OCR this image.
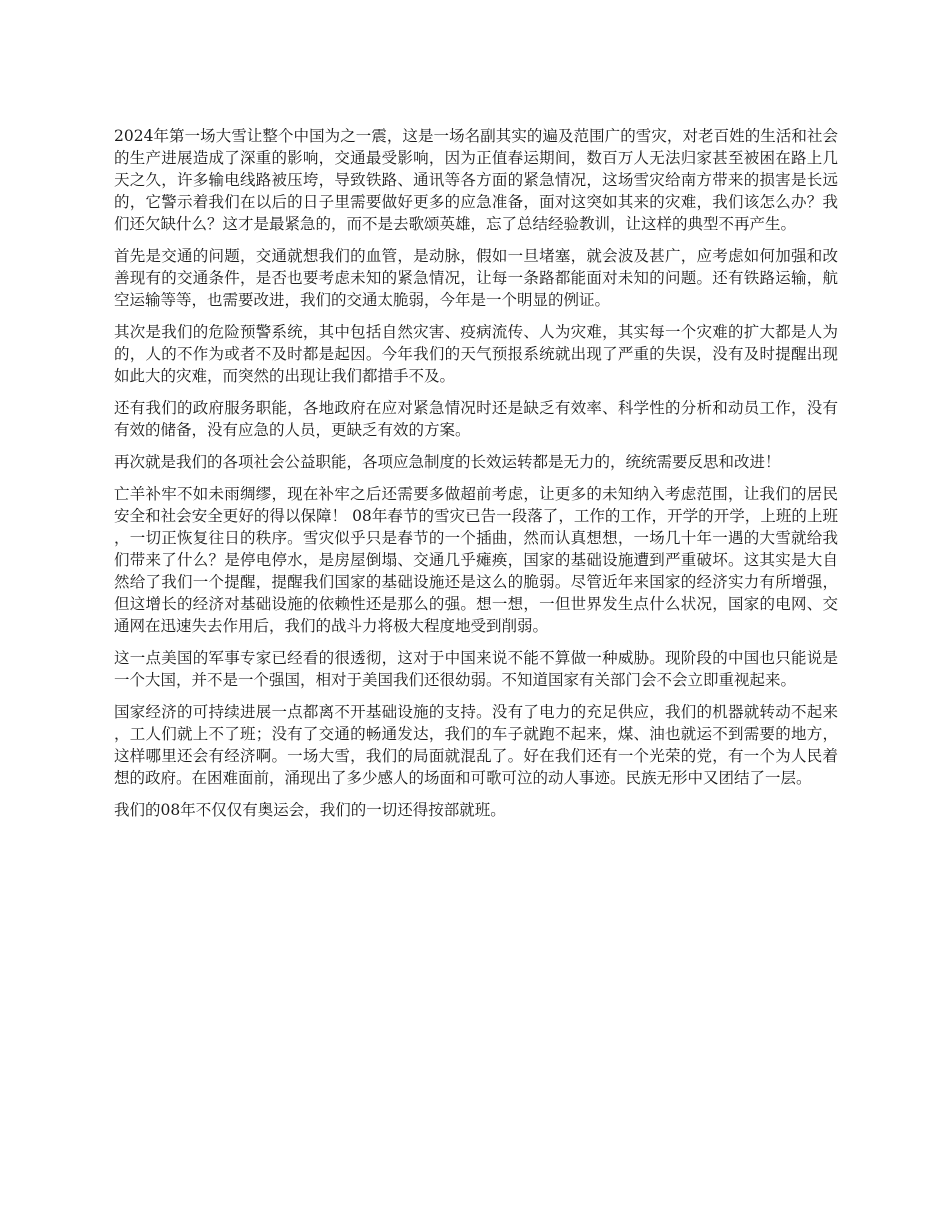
2024年第一场大雪让整个中国为之一震，这是一场名副其实的遍及范围广的雪灾，对老百姓的生活和社会的生产进展造成了深重的影响，交通最受影响，因为正值春运期间，数百万人无法归家甚至被困在路上几天之久，许多输电线路被压垮，导致铁路、通讯等各方面的紧急情况，这场雪灾给南方带来的损害是长远的，它警示着我们在以后的日子里需要做好更多的应急准备，面对这突如其来的灾难，我们该怎么办？我们还欠缺什么？这才是最紧急的，而不是去歌颂英雄，忘了总结经验教训，让这样的典型不再产生。

首先是交通的问题，交通就想我们的血管，是动脉，假如一旦堵塞，就会波及甚广，应考虑如何加强和改善现有的交通条件，是否也要考虑未知的紧急情况，让每一条路都能面对未知的问题。还有铁路运输，航空运输等等，也需要改进，我们的交通太脆弱，今年是一个明显的例证。

其次是我们的危险预警系统，其中包括自然灾害、疫病流传、人为灾难，其实每一个灾难的扩大都是人为的，人的不作为或者不及时都是起因。今年我们的天气预报系统就出现了严重的失误，没有及时提醒出现如此大的灾难，而突然的出现让我们都措手不及。

还有我们的政府服务职能，各地政府在应对紧急情况时还是缺乏有效率、科学性的分析和动员工作，没有有效的储备，没有应急的人员，更缺乏有效的方案。

再次就是我们的各项社会公益职能，各项应急制度的长效运转都是无力的，统统需要反思和改进！

亡羊补牢不如未雨绸缪，现在补牢之后还需要多做超前考虑，让更多的未知纳入考虑范围，让我们的居民安全和社会安全更好的得以保障！ 08年春节的雪灾已告一段落了，工作的工作，开学的开学，上班的上班，一切正恢复往日的秩序。雪灾似乎只是春节的一个插曲，然而认真想想，一场几十年一遇的大雪就给我们带来了什么？是停电停水，是房屋倒塌、交通几乎瘫痪，国家的基础设施遭到严重破坏。这其实是大自然给了我们一个提醒，提醒我们国家的基础设施还是这么的脆弱。尽管近年来国家的经济实力有所增强，但这增长的经济对基础设施的依赖性还是那么的强。想一想，一但世界发生点什么状况，国家的电网、交通网在迅速失去作用后，我们的战斗力将极大程度地受到削弱。

这一点美国的军事专家已经看的很透彻，这对于中国来说不能不算做一种威胁。现阶段的中国也只能说是一个大国，并不是一个强国，相对于美国我们还很幼弱。不知道国家有关部门会不会立即重视起来。

国家经济的可持续进展一点都离不开基础设施的支持。没有了电力的充足供应，我们的机器就转动不起来，工人们就上不了班；没有了交通的畅通发达，我们的车子就跑不起来，煤、油也就运不到需要的地方，这样哪里还会有经济啊。一场大雪，我们的局面就混乱了。好在我们还有一个光荣的党，有一个为人民着想的政府。在困难面前，涌现出了多少感人的场面和可歌可泣的动人事迹。民族无形中又团结了一层。

我们的08年不仅仅有奥运会，我们的一切还得按部就班。
